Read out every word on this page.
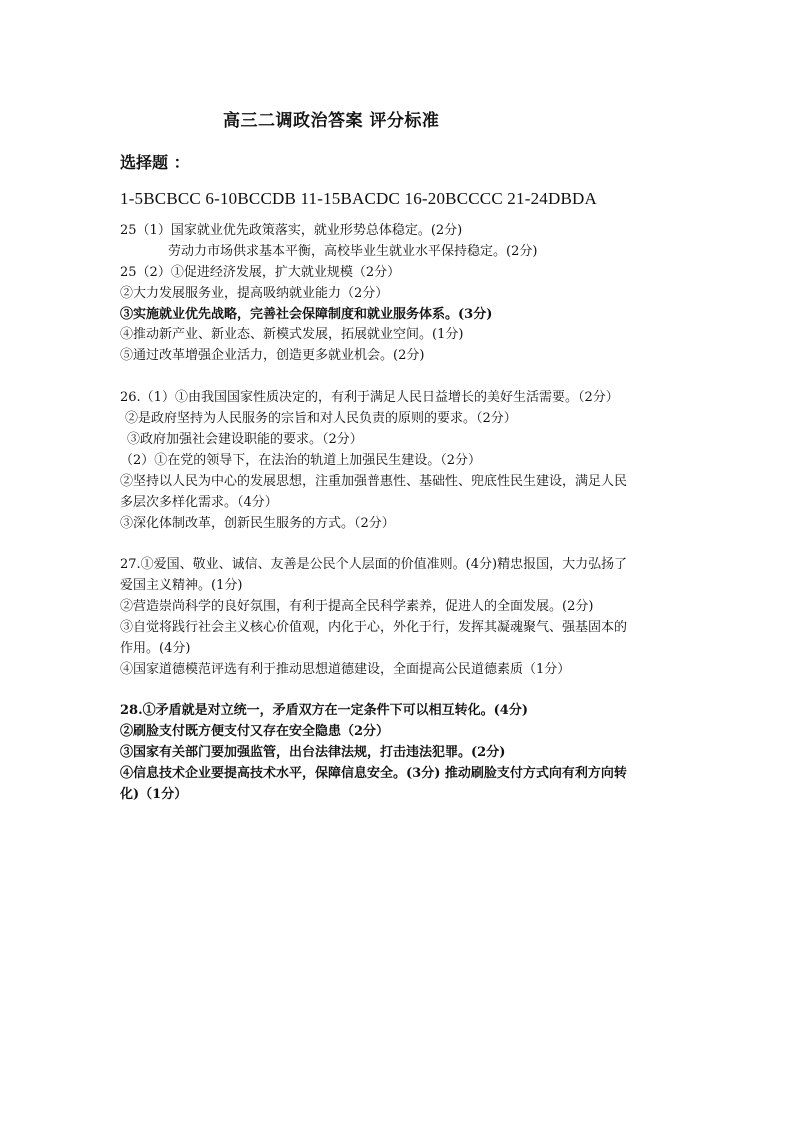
高三二调政治答案 评分标准
选择题 ：
1-5BCBCC 6-10BCCDB 11-15BACDC 16-20BCCCC 21-24DBDA
25（1）国家就业优先政策落实，就业形势总体稳定。(2分)
劳动力市场供求基本平衡，高校毕业生就业水平保持稳定。(2分)
25（2）①促进经济发展，扩大就业规模（2分）
②大力发展服务业，提高吸纳就业能力（2分）
③实施就业优先战略，完善社会保障制度和就业服务体系。(3分)
④推动新产业、新业态、新模式发展，拓展就业空间。(1分)
⑤通过改革增强企业活力，创造更多就业机会。(2分)
26.（1）①由我国国家性质决定的，有利于满足人民日益增长的美好生活需要。（2分）
②是政府坚持为人民服务的宗旨和对人民负责的原则的要求。（2分）
③政府加强社会建设职能的要求。（2分）
（2）①在党的领导下，在法治的轨道上加强民生建设。（2分）
②坚持以人民为中心的发展思想，注重加强普惠性、基础性、兜底性民生建设，满足人民
多层次多样化需求。（4分）
③深化体制改革，创新民生服务的方式。（2分）
27.①爱国、敬业、诚信、友善是公民个人层面的价值准则。(4分)精忠报国，大力弘扬了
爱国主义精神。(1分)
②营造崇尚科学的良好氛围，有利于提高全民科学素养，促进人的全面发展。(2分)
③自觉将践行社会主义核心价值观，内化于心，外化于行，发挥其凝魂聚气、强基固本的
作用。(4分)
④国家道德模范评选有利于推动思想道德建设，全面提高公民道德素质（1分）
28.①矛盾就是对立统一，矛盾双方在一定条件下可以相互转化。(4分)
②刷脸支付既方便支付又存在安全隐患（2分）
③国家有关部门要加强监管，出台法律法规，打击违法犯罪。(2分)
④信息技术企业要提高技术水平，保障信息安全。(3分) 推动刷脸支付方式向有利方向转
化)（1分）
